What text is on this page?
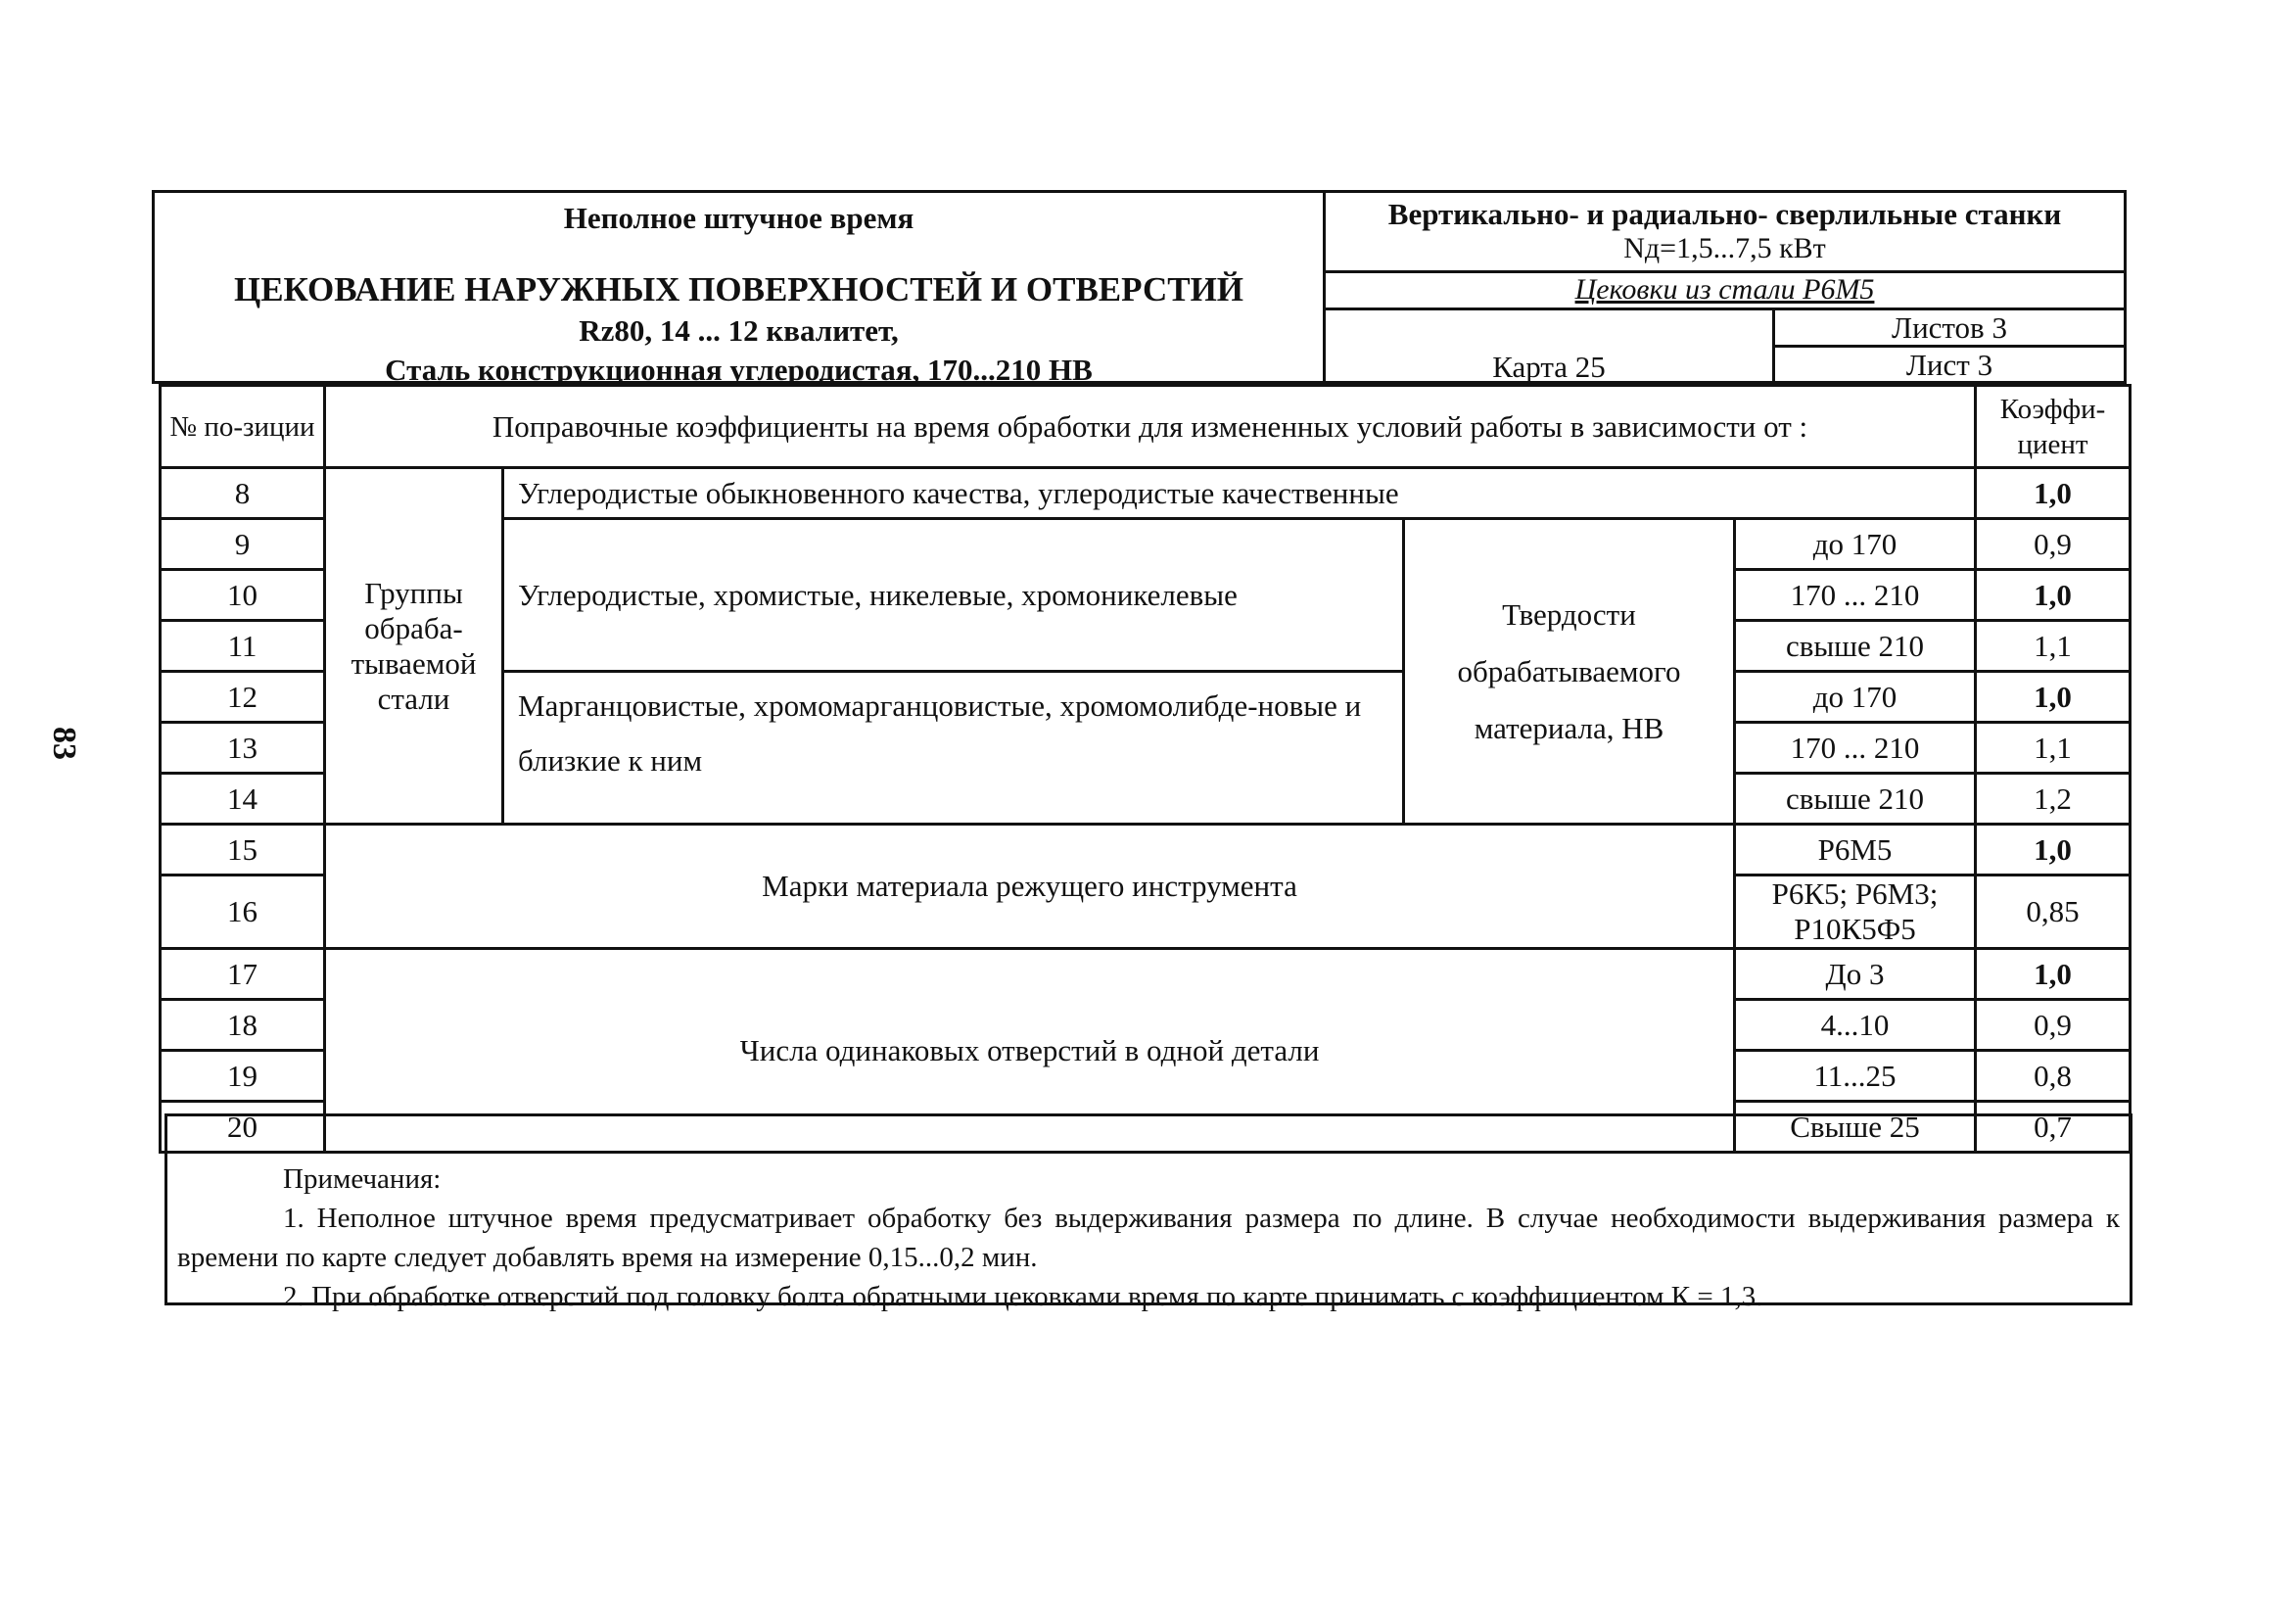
83
Неполное штучное время
ЦЕКОВАНИЕ НАРУЖНЫХ ПОВЕРХНОСТЕЙ И ОТВЕРСТИЙ
Rz80, 14 ... 12 квалитет,
Сталь конструкционная углеродистая, 170...210 НВ
Вертикально- и радиально- сверлильные станки
Nд=1,5...7,5 кВт
Цековки из стали Р6М5
Карта 25
Листов 3
Лист 3
№ по-зиции	Поправочные коэффициенты на время обработки для измененных условий работы в зависимости от :				Коэффи-циент
8	Группы обраба-тываемой стали	Углеродистые обыкновенного качества, углеродистые качественные			1,0
9		Углеродистые, хромистые, никелевые, хромоникелевые	Твердости обрабатываемого материала, НВ	до 170	0,9
10				170 ... 210	1,0
11				свыше 210	1,1
12		Марганцовистые, хромомарганцовистые, хромомолибде-новые и близкие к ним		до 170	1,0
13				170 ... 210	1,1
14				свыше 210	1,2
15	Марки материала режущего инструмента			Р6М5	1,0
16				Р6К5; Р6М3; Р10К5Ф5	0,85
17	Числа одинаковых отверстий в одной детали			До 3	1,0
18				4...10	0,9
19				11...25	0,8
20				Свыше 25	0,7

Примечания:

1. Неполное штучное время предусматривает обработку без выдерживания размера по длине. В случае необходимости выдерживания размера к времени по карте следует добавлять время на измерение 0,15...0,2 мин.

2. При обработке отверстий под головку болта обратными цековками время по карте принимать с коэффициентом К = 1,3.
